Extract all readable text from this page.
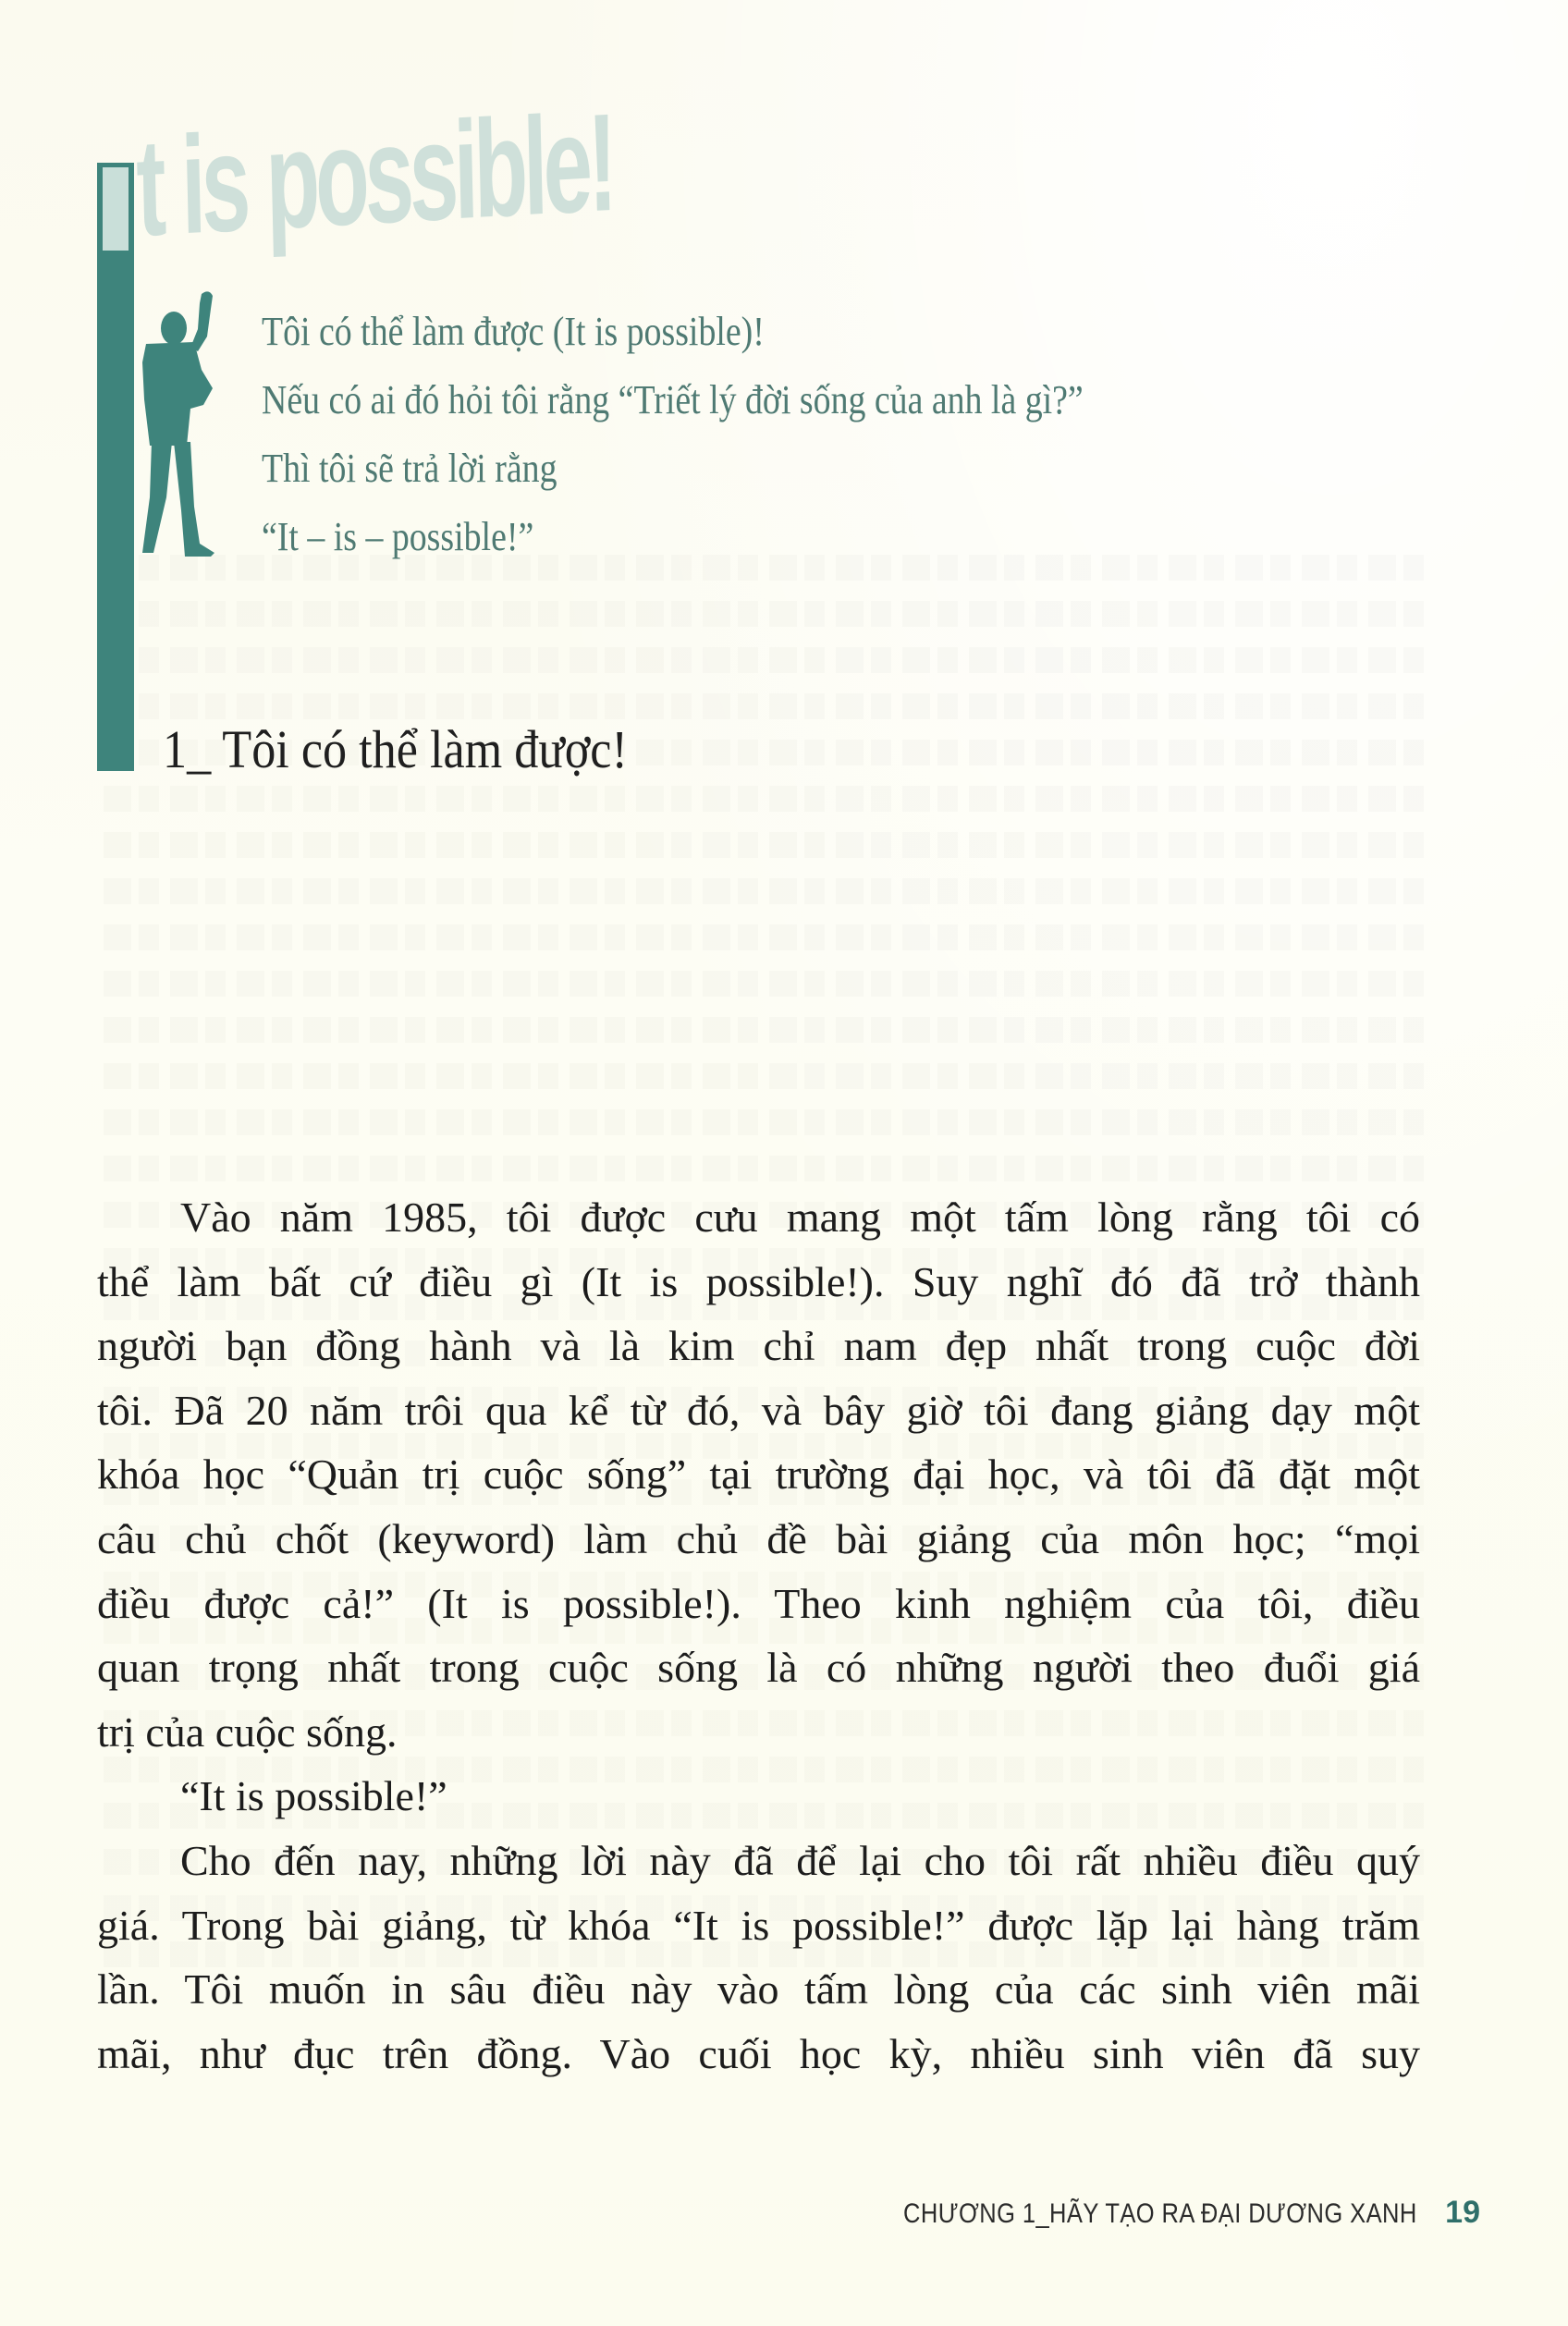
t is possible!
Tôi có thể làm được (It is possible)!
Nếu có ai đó hỏi tôi rằng “Triết lý đời sống của anh là gì?”
Thì tôi sẽ trả lời rằng
“It – is – possible!”
1_ Tôi có thể làm được!
Vào năm 1985, tôi được cưu mang một tấm lòng rằng tôi có
thể làm bất cứ điều gì (It is possible!). Suy nghĩ đó đã trở thành
người bạn đồng hành và là kim chỉ nam đẹp nhất trong cuộc đời
tôi. Đã 20 năm trôi qua kể từ đó, và bây giờ tôi đang giảng dạy một
khóa học “Quản trị cuộc sống” tại trường đại học, và tôi đã đặt một
câu chủ chốt (keyword) làm chủ đề bài giảng của môn học; “mọi
điều được cả!” (It is possible!). Theo kinh nghiệm của tôi, điều
quan trọng nhất trong cuộc sống là có những người theo đuổi giá
trị của cuộc sống.
“It is possible!”
Cho đến nay, những lời này đã để lại cho tôi rất nhiều điều quý
giá. Trong bài giảng, từ khóa “It is possible!” được lặp lại hàng trăm
lần. Tôi muốn in sâu điều này vào tấm lòng của các sinh viên mãi
mãi, như đục trên đồng. Vào cuối học kỳ, nhiều sinh viên đã suy
CHƯƠNG 1_HÃY TẠO RA ĐẠI DƯƠNG XANH 19
